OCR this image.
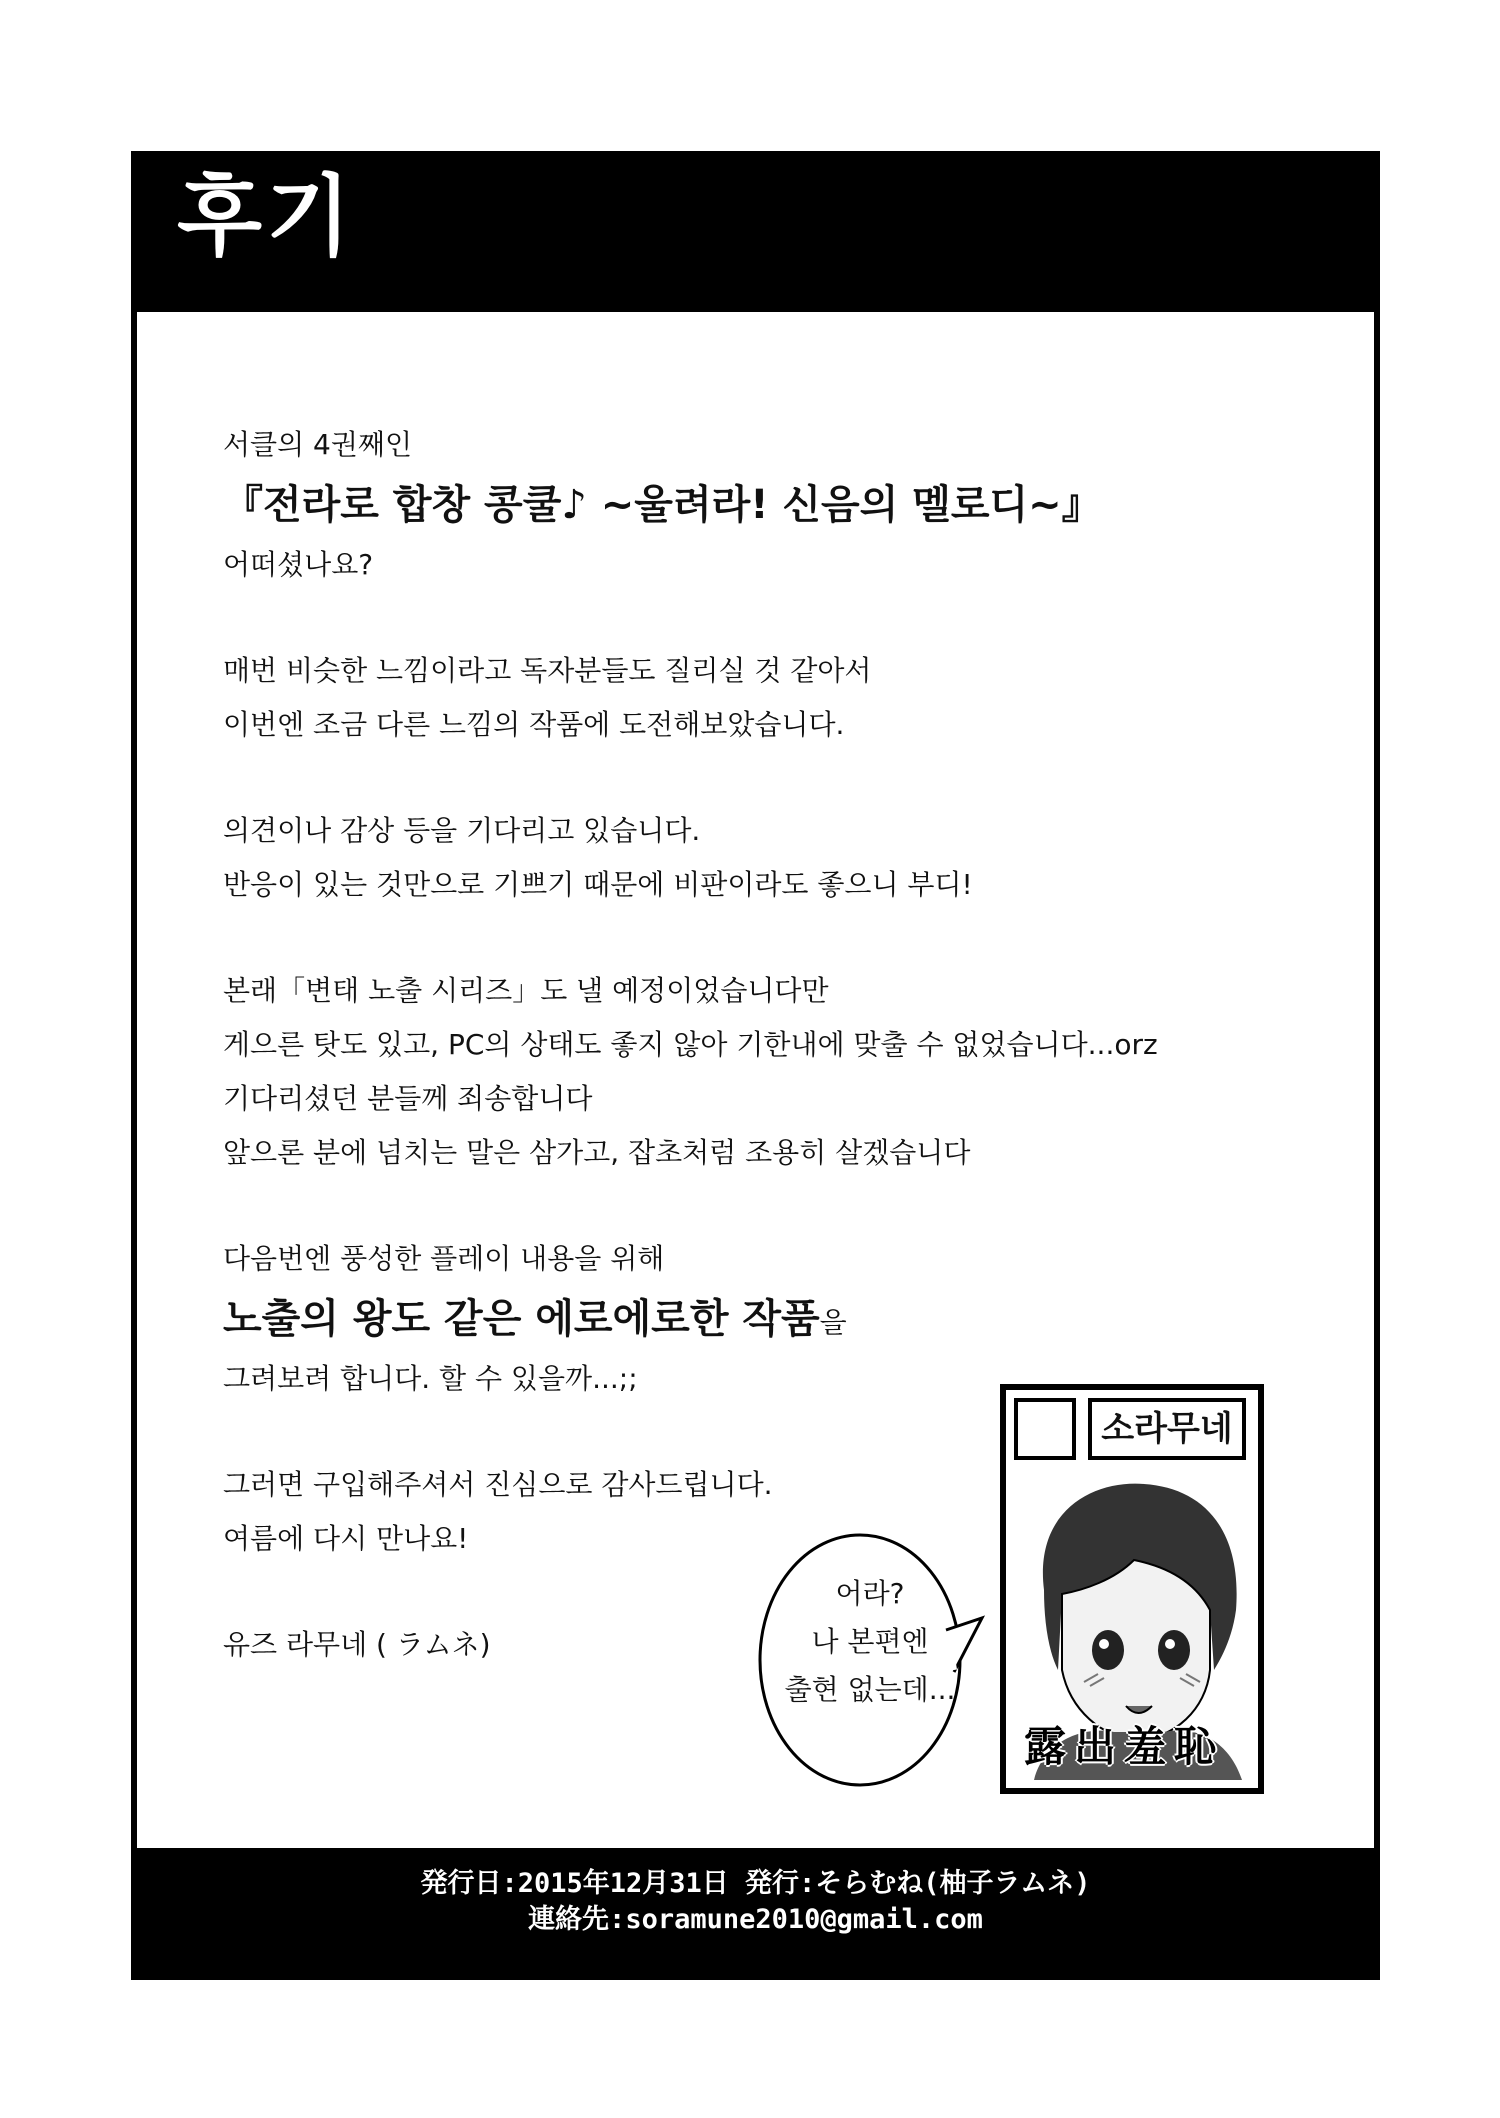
후기
서클의 4권째인
『전라로 합창 콩쿨♪ ~울려라! 신음의 멜로디~』
어떠셨나요?
매번 비슷한 느낌이라고 독자분들도 질리실 것 같아서
이번엔 조금 다른 느낌의 작품에 도전해보았습니다.
의견이나 감상 등을 기다리고 있습니다.
반응이 있는 것만으로 기쁘기 때문에 비판이라도 좋으니 부디!
본래「변태 노출 시리즈」도 낼 예정이었습니다만
게으른 탓도 있고, PC의 상태도 좋지 않아 기한내에 맞출 수 없었습니다...orz
기다리셨던 분들께 죄송합니다
앞으론 분에 넘치는 말은 삼가고, 잡초처럼 조용히 살겠습니다
다음번엔 풍성한 플레이 내용을 위해
노출의 왕도 같은 에로에로한 작품을
그려보려 합니다. 할 수 있을까...;;
그러면 구입해주셔서 진심으로 감사드립니다.
여름에 다시 만나요!
유즈 라무네 ( ラムネ)
発行日:2015年12月31日 発行:そらむね(柚子ラムネ)
連絡先:soramune2010@gmail.com
어라?
나 본편엔
출현 없는데...
소라무네
露出羞恥
